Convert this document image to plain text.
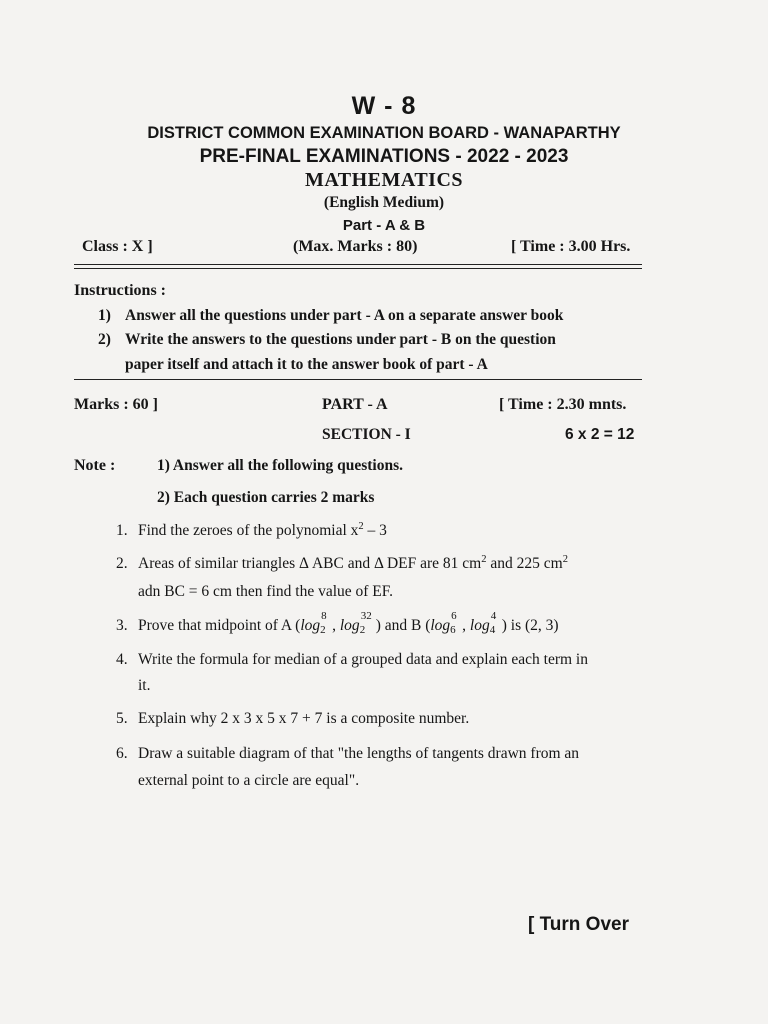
W - 8
DISTRICT COMMON EXAMINATION BOARD - WANAPARTHY
PRE-FINAL EXAMINATIONS - 2022 - 2023
MATHEMATICS
(English Medium)
Part - A & B
Class : X ]	(Max. Marks : 80)	[ Time : 3.00 Hrs.
Instructions :
1) Answer all the questions under part - A on a separate answer book
2) Write the answers to the questions under part - B on the question
paper itself and attach it to the answer book of part - A
Marks : 60 ]	PART - A	[ Time : 2.30 mnts.
SECTION - I	6 x 2 = 12
Note :	1) Answer all the following questions.
2) Each question carries 2 marks
1. Find the zeroes of the polynomial $x^2 - 3$
2. Areas of similar triangles Δ ABC and Δ DEF are 81 $cm^2$ and 225 $cm^2$
adn BC = 6 cm then find the value of EF.
3. Prove that midpoint of A (log
8
2 , log
32
2 ) and B (log
6
6 , log
4
4 ) is (2, 3)
4. Write the formula for median of a grouped data and explain each term in
it.
5. Explain why 2 x 3 x 5 x 7 + 7 is a composite number.
6. Draw a suitable diagram of that "the lengths of tangents drawn from an
external point to a circle are equal".
[ Turn Over
